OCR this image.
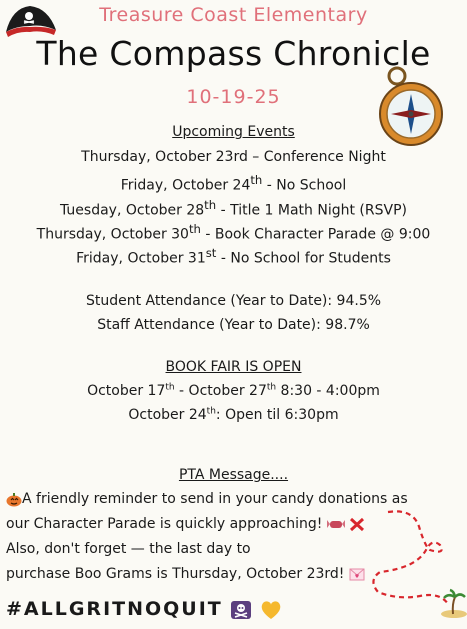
Treasure Coast Elementary
The Compass Chronicle
10-19-25
Upcoming Events
Thursday, October 23rd – Conference Night
Friday, October 24th - No School
Tuesday, October 28th - Title 1 Math Night (RSVP)
Thursday, October 30th - Book Character Parade @ 9:00
Friday, October 31st - No School for Students
Student Attendance (Year to Date): 94.5%
Staff Attendance (Year to Date): 98.7%
BOOK FAIR IS OPEN
October 17th - October 27th 8:30 - 4:00pm
October 24th: Open til 6:30pm
PTA Message....
A friendly reminder to send in your candy donations as
our Character Parade is quickly approaching!
Also, don't forget — the last day to
purchase Boo Grams is Thursday, October 23rd!
#ALLGRITNOQUIT
